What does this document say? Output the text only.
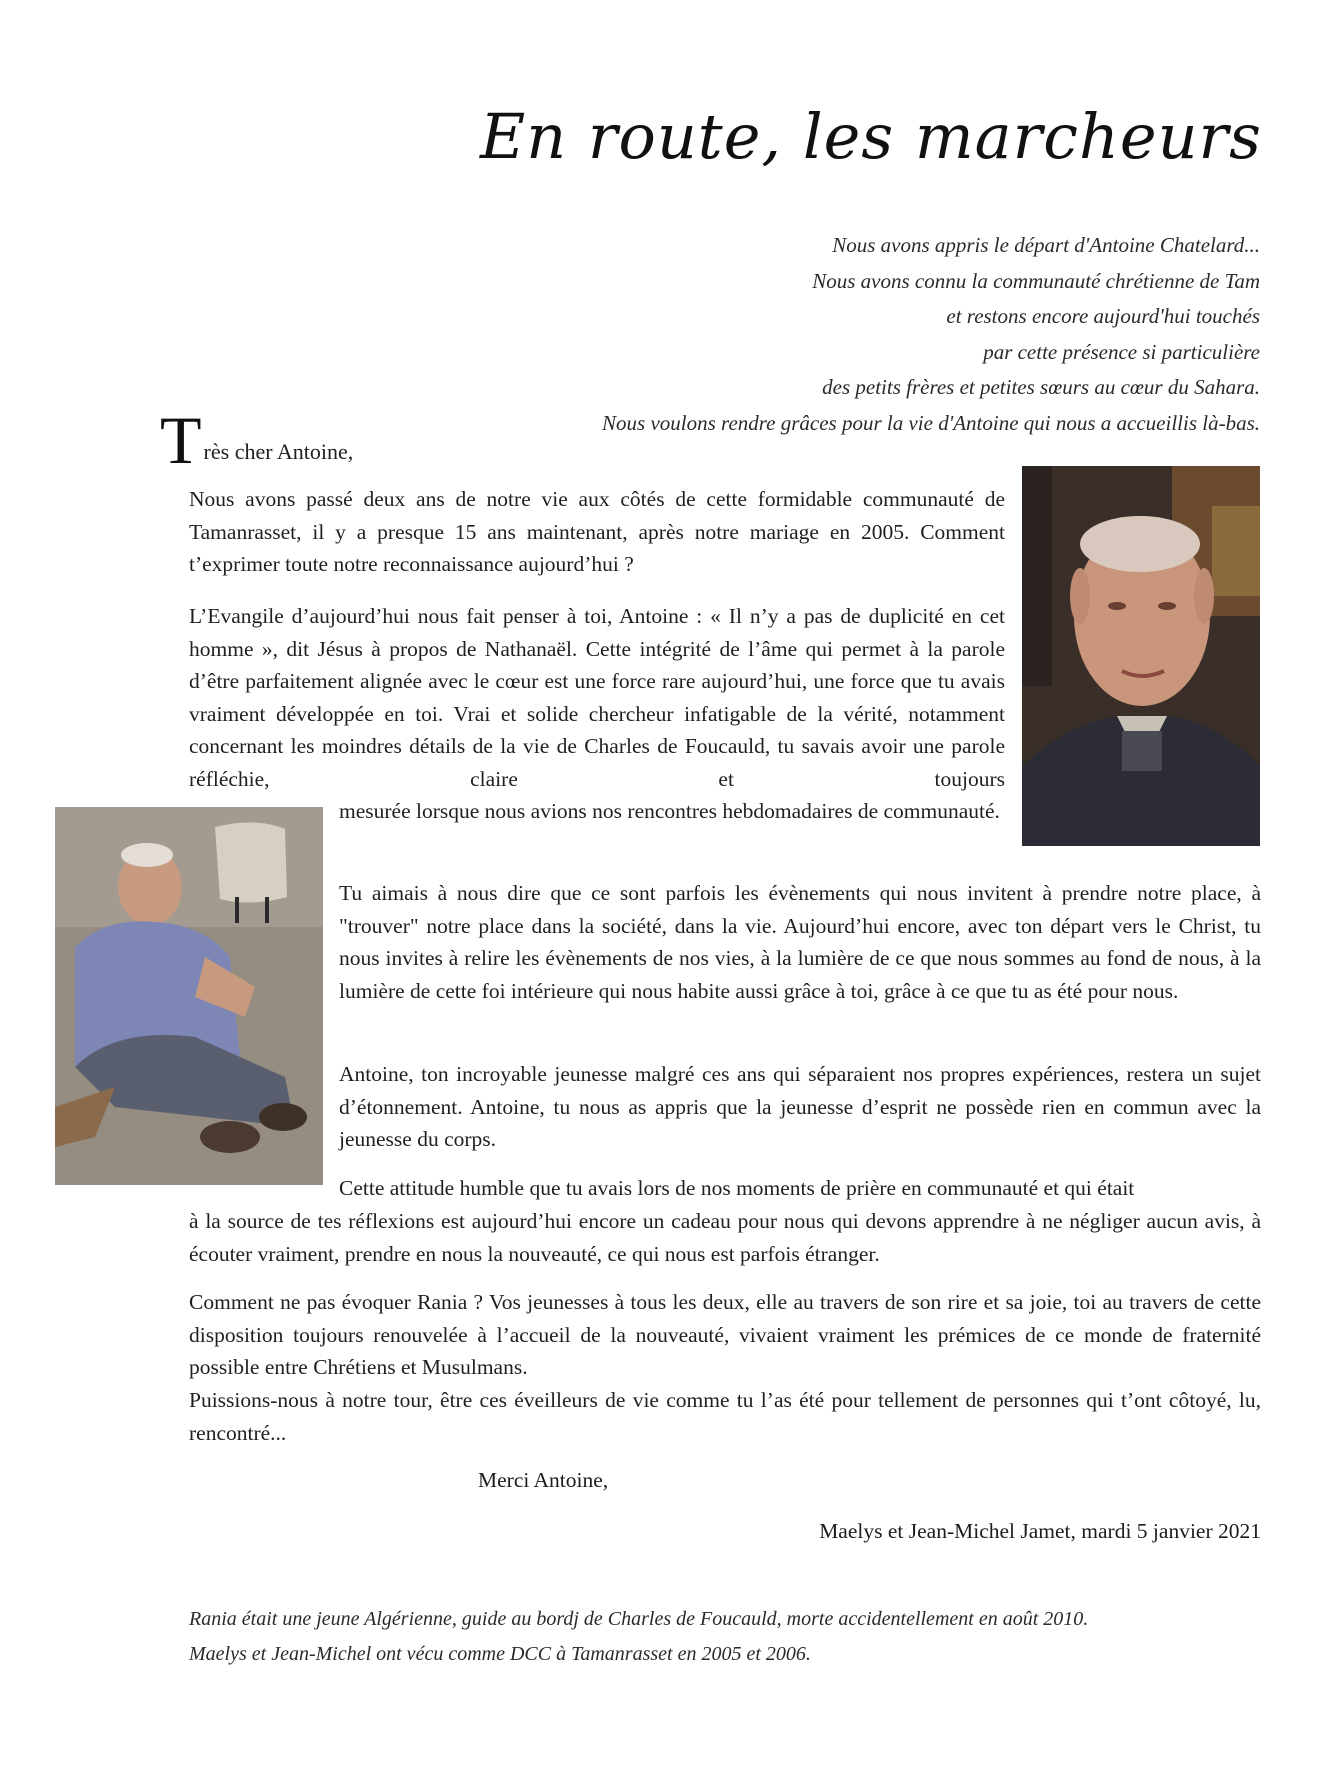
En route, les marcheurs
Nous avons appris le départ d'Antoine Chatelard...
Nous avons connu la communauté chrétienne de Tam
et restons encore aujourd'hui touchés
par cette présence si particulière
des petits frères et petites sœurs au cœur du Sahara.
Nous voulons rendre grâces pour la vie d'Antoine qui nous a accueillis là-bas.
Très cher Antoine,
Nous avons passé deux ans de notre vie aux côtés de cette formidable communauté de Tamanrasset, il y a presque 15 ans maintenant, après notre mariage en 2005. Comment t’exprimer toute notre reconnaissance aujourd’hui ?
L’Evangile d’aujourd’hui nous fait penser à toi, Antoine : « Il n’y a pas de duplicité en cet homme », dit Jésus à propos de Nathanaël. Cette intégrité de l’âme qui permet à la parole d’être parfaitement alignée avec le cœur est une force rare aujourd’hui, une force que tu avais vraiment développée en toi. Vrai et solide chercheur infatigable de la vérité, notamment concernant les moindres détails de la vie de Charles de Foucauld, tu savais avoir une parole réfléchie, claire et toujours
mesurée lorsque nous avions nos rencontres hebdomadaires de communauté.
Tu aimais à nous dire que ce sont parfois les évènements qui nous invitent à prendre notre place, à "trouver" notre place dans la société, dans la vie. Aujourd’hui encore, avec ton départ vers le Christ, tu nous invites à relire les évènements de nos vies, à la lumière de ce que nous sommes au fond de nous, à la lumière de cette foi intérieure qui nous habite aussi grâce à toi, grâce à ce que tu as été pour nous.
Antoine, ton incroyable jeunesse malgré ces ans qui séparaient nos propres expériences, restera un sujet d’étonnement. Antoine, tu nous as appris que la jeunesse d’esprit ne possède rien en commun avec la jeunesse du corps.
Cette attitude humble que tu avais lors de nos moments de prière en communauté et qui était
à la source de tes réflexions est aujourd’hui encore un cadeau pour nous qui devons apprendre à ne négliger aucun avis, à écouter vraiment, prendre en nous la nouveauté, ce qui nous est parfois étranger.
Comment ne pas évoquer Rania ? Vos jeunesses à tous les deux, elle au travers de son rire et sa joie, toi au travers de cette disposition toujours renouvelée à l’accueil de la nouveauté, vivaient vraiment les prémices de ce monde de fraternité possible entre Chrétiens et Musulmans.
Puissions-nous à notre tour, être ces éveilleurs de vie comme tu l’as été pour tellement de personnes qui t’ont côtoyé, lu, rencontré...
Merci Antoine,
Maelys et Jean-Michel Jamet, mardi 5 janvier 2021
Rania était une jeune Algérienne, guide au bordj de Charles de Foucauld, morte accidentellement en août 2010.
Maelys et Jean-Michel ont vécu comme DCC à Tamanrasset en 2005 et 2006.
